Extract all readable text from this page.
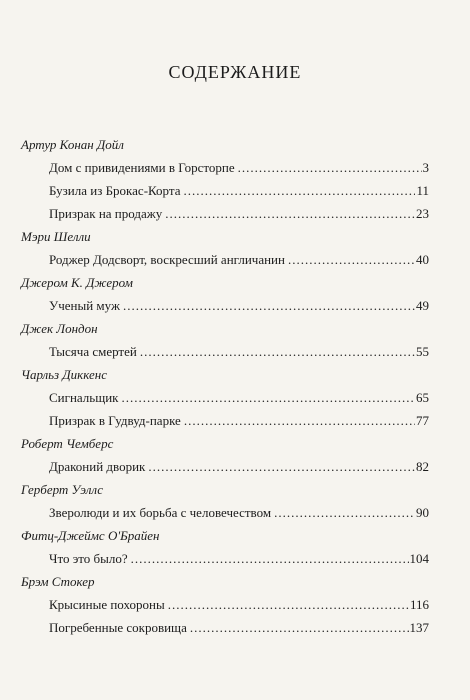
СОДЕРЖАНИЕ
Артур Конан Дойл
Дом с привидениями в Горсторпе .....	3
Бузила из Брокас-Корта .....	11
Призрак на продажу .....	23
Мэри Шелли
Роджер Додсворт, воскресший англичанин .....	40
Джером К. Джером
Ученый муж .....	49
Джек Лондон
Тысяча смертей .....	55
Чарльз Диккенс
Сигнальщик .....	65
Призрак в Гудвуд-парке .....	77
Роберт Чемберс
Драконий дворик .....	82
Герберт Уэллс
Зверолюди и их борьба с человечеством .....	90
Фитц-Джеймс О'Брайен
Что это было? .....	104
Брэм Стокер
Крысиные похороны .....	116
Погребенные сокровища .....	137
